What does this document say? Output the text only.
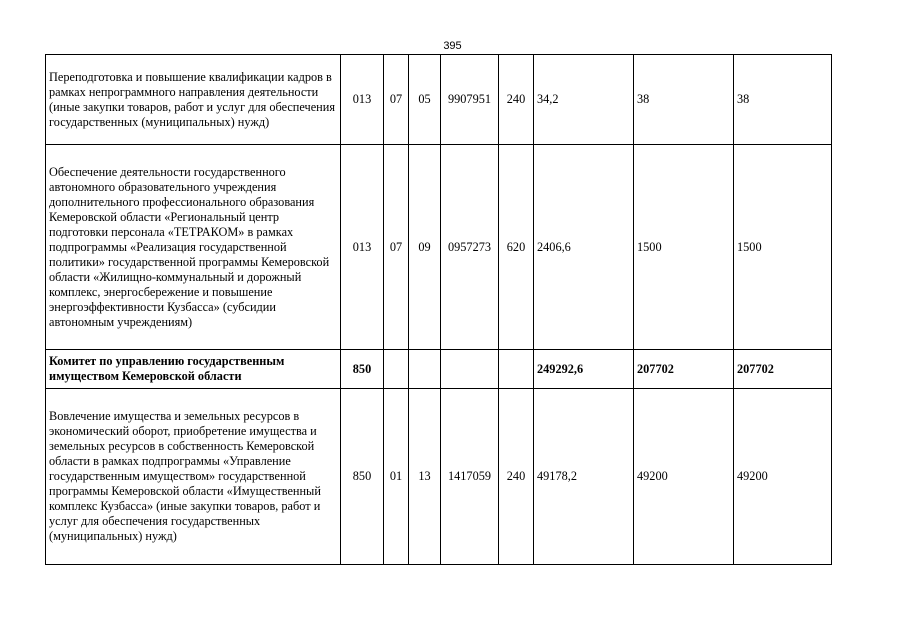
395
Переподготовка и повышение квалификации кадров в рамках непрограммного направления деятельности (иные закупки товаров, работ и услуг для обеспечения государственных (муниципальных) нужд)	013	07	05	9907951	240	34,2	38	38
Обеспечение деятельности государственного автономного образовательного учреждения дополнительного профессионального образования Кемеровской области «Региональный центр подготовки персонала «ТЕТРАКОМ» в рамках подпрограммы «Реализация государственной политики» государственной программы Кемеровской области «Жилищно-коммунальный и дорожный комплекс, энергосбережение и повышение энергоэффективности Кузбасса» (субсидии автономным учреждениям)	013	07	09	0957273	620	2406,6	1500	1500
Комитет по управлению государственным имуществом Кемеровской области	850					249292,6	207702	207702
Вовлечение имущества и земельных ресурсов в экономический оборот, приобретение имущества и земельных ресурсов в собственность Кемеровской области в рамках подпрограммы «Управление государственным имуществом» государственной программы Кемеровской области «Имущественный комплекс Кузбасса» (иные закупки товаров, работ и услуг для обеспечения государственных (муниципальных) нужд)	850	01	13	1417059	240	49178,2	49200	49200
